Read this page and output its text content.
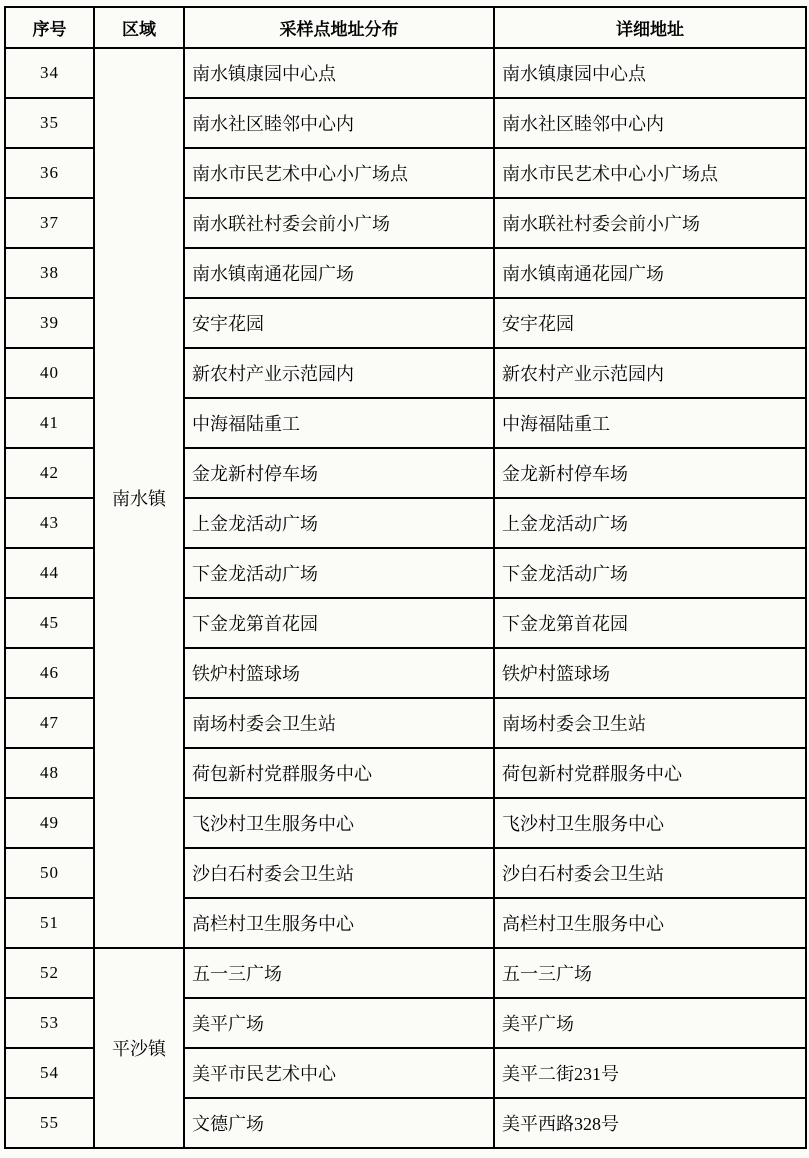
序号	区域	采样点地址分布	详细地址
34	南水镇	南水镇康园中心点	南水镇康园中心点
35		南水社区睦邻中心内	南水社区睦邻中心内
36		南水市民艺术中心小广场点	南水市民艺术中心小广场点
37		南水联社村委会前小广场	南水联社村委会前小广场
38		南水镇南通花园广场	南水镇南通花园广场
39		安宇花园	安宇花园
40		新农村产业示范园内	新农村产业示范园内
41		中海福陆重工	中海福陆重工
42		金龙新村停车场	金龙新村停车场
43		上金龙活动广场	上金龙活动广场
44		下金龙活动广场	下金龙活动广场
45		下金龙第首花园	下金龙第首花园
46		铁炉村篮球场	铁炉村篮球场
47		南场村委会卫生站	南场村委会卫生站
48		荷包新村党群服务中心	荷包新村党群服务中心
49		飞沙村卫生服务中心	飞沙村卫生服务中心
50		沙白石村委会卫生站	沙白石村委会卫生站
51		高栏村卫生服务中心	高栏村卫生服务中心
52	平沙镇	五一三广场	五一三广场
53		美平广场	美平广场
54		美平市民艺术中心	美平二街231号
55		文德广场	美平西路328号
